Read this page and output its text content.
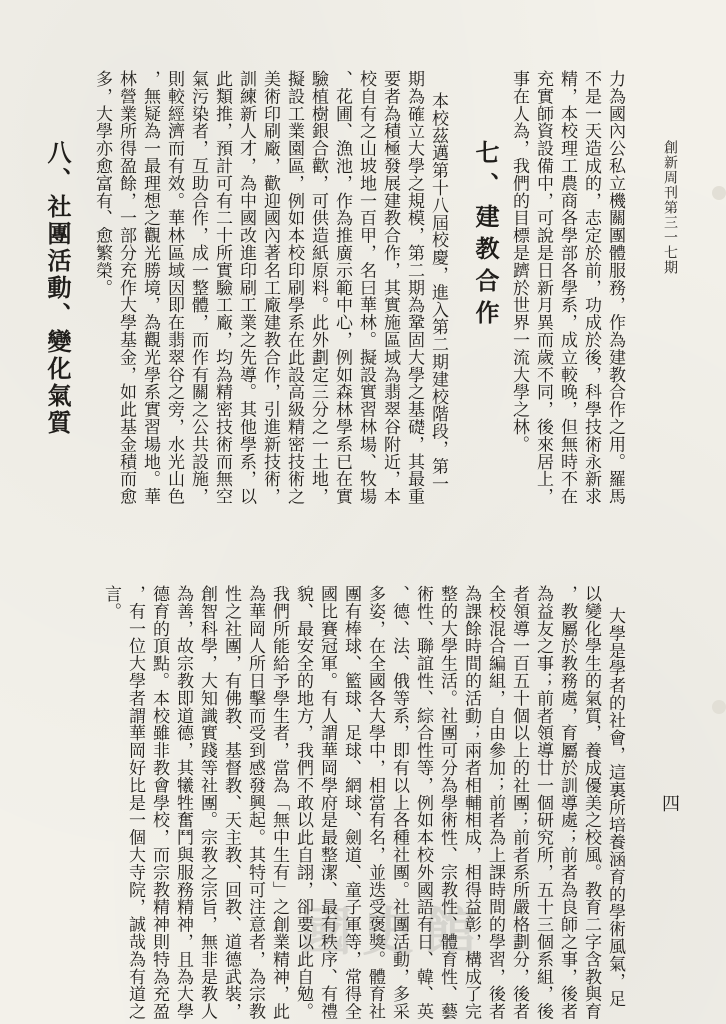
創新周刊第三一七期
四
力為國內公私立機關團體服務，作為建教合作之用。羅馬
不是一天造成的，志定於前，功成於後，科學技術永新求
精，本校理工農商各學部各學系，成立較晚，但無時不在
充實師資設備中，可說是日新月異而歲不同，後來居上，
事在人為，我們的目標是躋於世界一流大學之林。
七、建教合作
本校茲邁第十八屆校慶，進入第二期建校階段，第一
期為確立大學之規模，第二期為鞏固大學之基礎，其最重
要者為積極發展建教合作，其實施區域為翡翠谷附近，本
校自有之山坡地一百甲，名曰華林。擬設實習林場、牧場
、花圃、漁池，作為推廣示範中心，例如森林學系已在實
驗植樹銀合歡，可供造紙原料。此外劃定三分之一土地，
擬設工業園區，例如本校印刷學系在此設高級精密技術之
美術印刷廠，歡迎國內著名工廠建教合作，引進新技術，
訓練新人才，為中國改進印刷工業之先導。其他學系，以
此類推，預計可有二十所實驗工廠，均為精密技術而無空
氣污染者，互助合作，成一整體，而作有關之公共設施，
則較經濟而有效。華林區域因即在翡翠谷之旁，水光山色
，無疑為一最理想之觀光勝境，為觀光學系實習場地。華
林營業所得盈餘，一部分充作大學基金，如此基金積而愈
多，大學亦愈富有、愈繁榮。
八、社團活動、變化氣質
大學是學者的社會，這裏所培養涵育的學術風氣，足
以變化學生的氣質，養成優美之校風。教育二字含教與育
，教屬於教務處，育屬於訓導處；前者為良師之事，後者
為益友之事；前者領導廿一個研究所，五十三個系組，後
者領導一百五十個以上的社團；前者系所嚴格劃分，後者
全校混合編組，自由參加；前者為上課時間的學習，後者
為課餘時間的活動；兩者相輔相成，相得益彰，構成了完
整的大學生活。社團可分為學術性、宗教性、體育性、藝
術性、聯誼性、綜合性等，例如本校外國語有日、韓、英
、德、法、俄等系，即有以上各種社團。社團活動，多采
多姿，在全國各大學中，相當有名，並迭受褒獎。體育社
團有棒球、籃球、足球、網球、劍道、童子軍等，常得全
國比賽冠軍。有人謂華岡學府是最整潔、最有秩序、有禮
貌、最安全的地方，我們不敢以此自詡，卻要以此自勉。
我們所能給予學生者，當為「無中生有」之創業精神，此
為華岡人所日擊而受到感發興起。其特可注意者，為宗教
性之社團，有佛教、基督教、天主教、回教、道德武裝，
創智科學，大知識實踐等社團。宗教之宗旨，無非是教人
為善，故宗教即道德，其犧牲奮鬥與服務精神，且為大學
德育的頂點。本校雖非教會學校，而宗教精神則特為充盈
，有一位大學者謂華岡好比是一個大寺院，誠哉為有道之
言。
國史館
